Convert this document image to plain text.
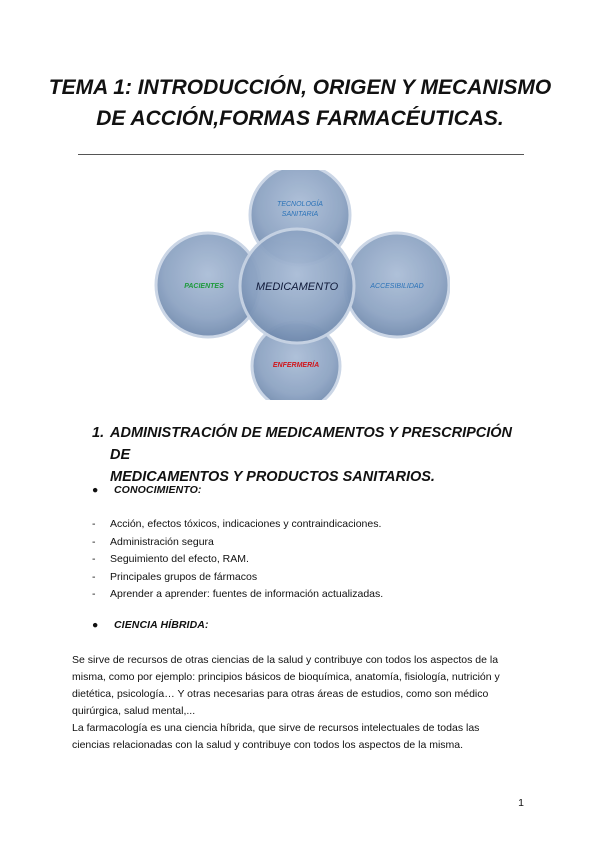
TEMA 1: INTRODUCCIÓN, ORIGEN Y MECANISMO
DE ACCIÓN,FORMAS FARMACÉUTICAS.
MEDICAMENTO
TECNOLOGÍA
SANITARIA
PACIENTES	ACCESIBILIDAD
ENFERMERÍA
1. ADMINISTRACIÓN DE MEDICAMENTOS Y PRESCRIPCIÓN DE
MEDICAMENTOS Y PRODUCTOS SANITARIOS.
● CONOCIMIENTO:
- Acción, efectos tóxicos, indicaciones y contraindicaciones.
- Administración segura
- Seguimiento del efecto, RAM.
- Principales grupos de fármacos
- Aprender a aprender: fuentes de información actualizadas.
● CIENCIA HÍBRIDA:
Se sirve de recursos de otras ciencias de la salud y contribuye con todos los aspectos de la
misma, como por ejemplo: principios básicos de bioquímica, anatomía, fisiología, nutrición y
dietética, psicología… Y otras necesarias para otras áreas de estudios, como son médico
quirúrgica, salud mental,...
La farmacología es una ciencia híbrida, que sirve de recursos intelectuales de todas las
ciencias relacionadas con la salud y contribuye con todos los aspectos de la misma.
1
